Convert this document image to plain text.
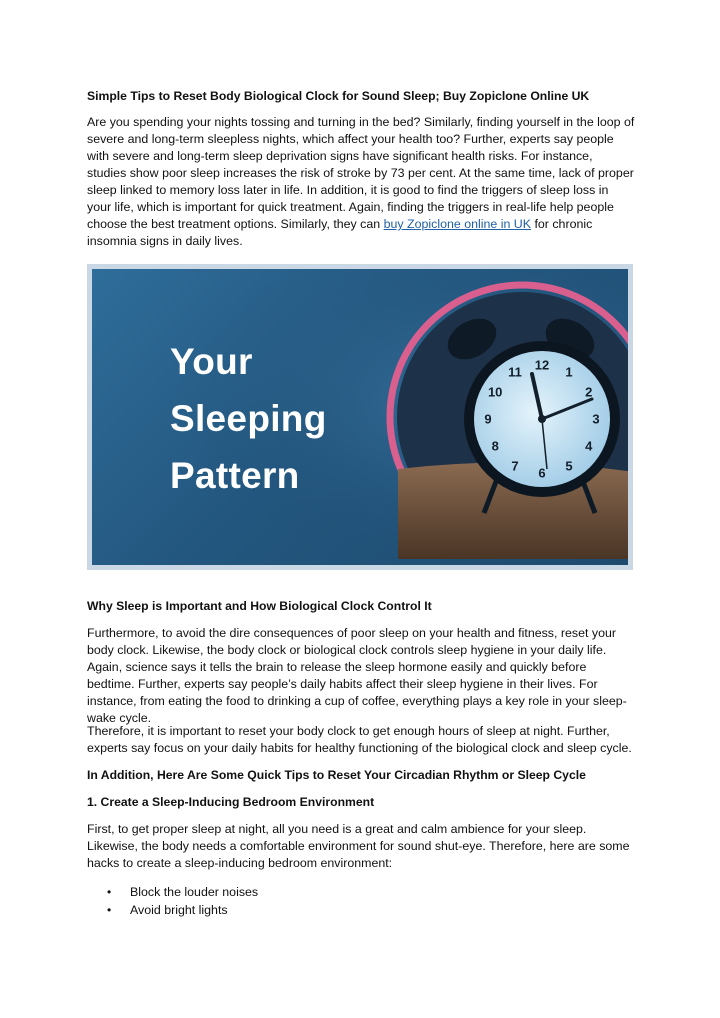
Simple Tips to Reset Body Biological Clock for Sound Sleep; Buy Zopiclone Online UK

Are you spending your nights tossing and turning in the bed? Similarly, finding yourself in the loop of severe and long-term sleepless nights, which affect your health too? Further, experts say people with severe and long-term sleep deprivation signs have significant health risks. For instance, studies show poor sleep increases the risk of stroke by 73 per cent. At the same time, lack of proper sleep linked to memory loss later in life. In addition, it is good to find the triggers of sleep loss in your life, which is important for quick treatment. Again, finding the triggers in real-life help people choose the best treatment options. Similarly, they can buy Zopiclone online in UK for chronic insomnia signs in daily lives.

12 1
2
3
4
5
6
7
8
9
10
11
Your
Sleeping
Pattern
Why Sleep is Important and How Biological Clock Control It

Furthermore, to avoid the dire consequences of poor sleep on your health and fitness, reset your body clock. Likewise, the body clock or biological clock controls sleep hygiene in your daily life. Again, science says it tells the brain to release the sleep hormone easily and quickly before bedtime. Further, experts say people’s daily habits affect their sleep hygiene in their lives. For instance, from eating the food to drinking a cup of coffee, everything plays a key role in your sleep-wake cycle.

Therefore, it is important to reset your body clock to get enough hours of sleep at night. Further, experts say focus on your daily habits for healthy functioning of the biological clock and sleep cycle.

In Addition, Here Are Some Quick Tips to Reset Your Circadian Rhythm or Sleep Cycle
1. Create a Sleep-Inducing Bedroom Environment

First, to get proper sleep at night, all you need is a great and calm ambience for your sleep. Likewise, the body needs a comfortable environment for sound shut-eye. Therefore, here are some hacks to create a sleep-inducing bedroom environment:

• Block the louder noises
• Avoid bright lights
